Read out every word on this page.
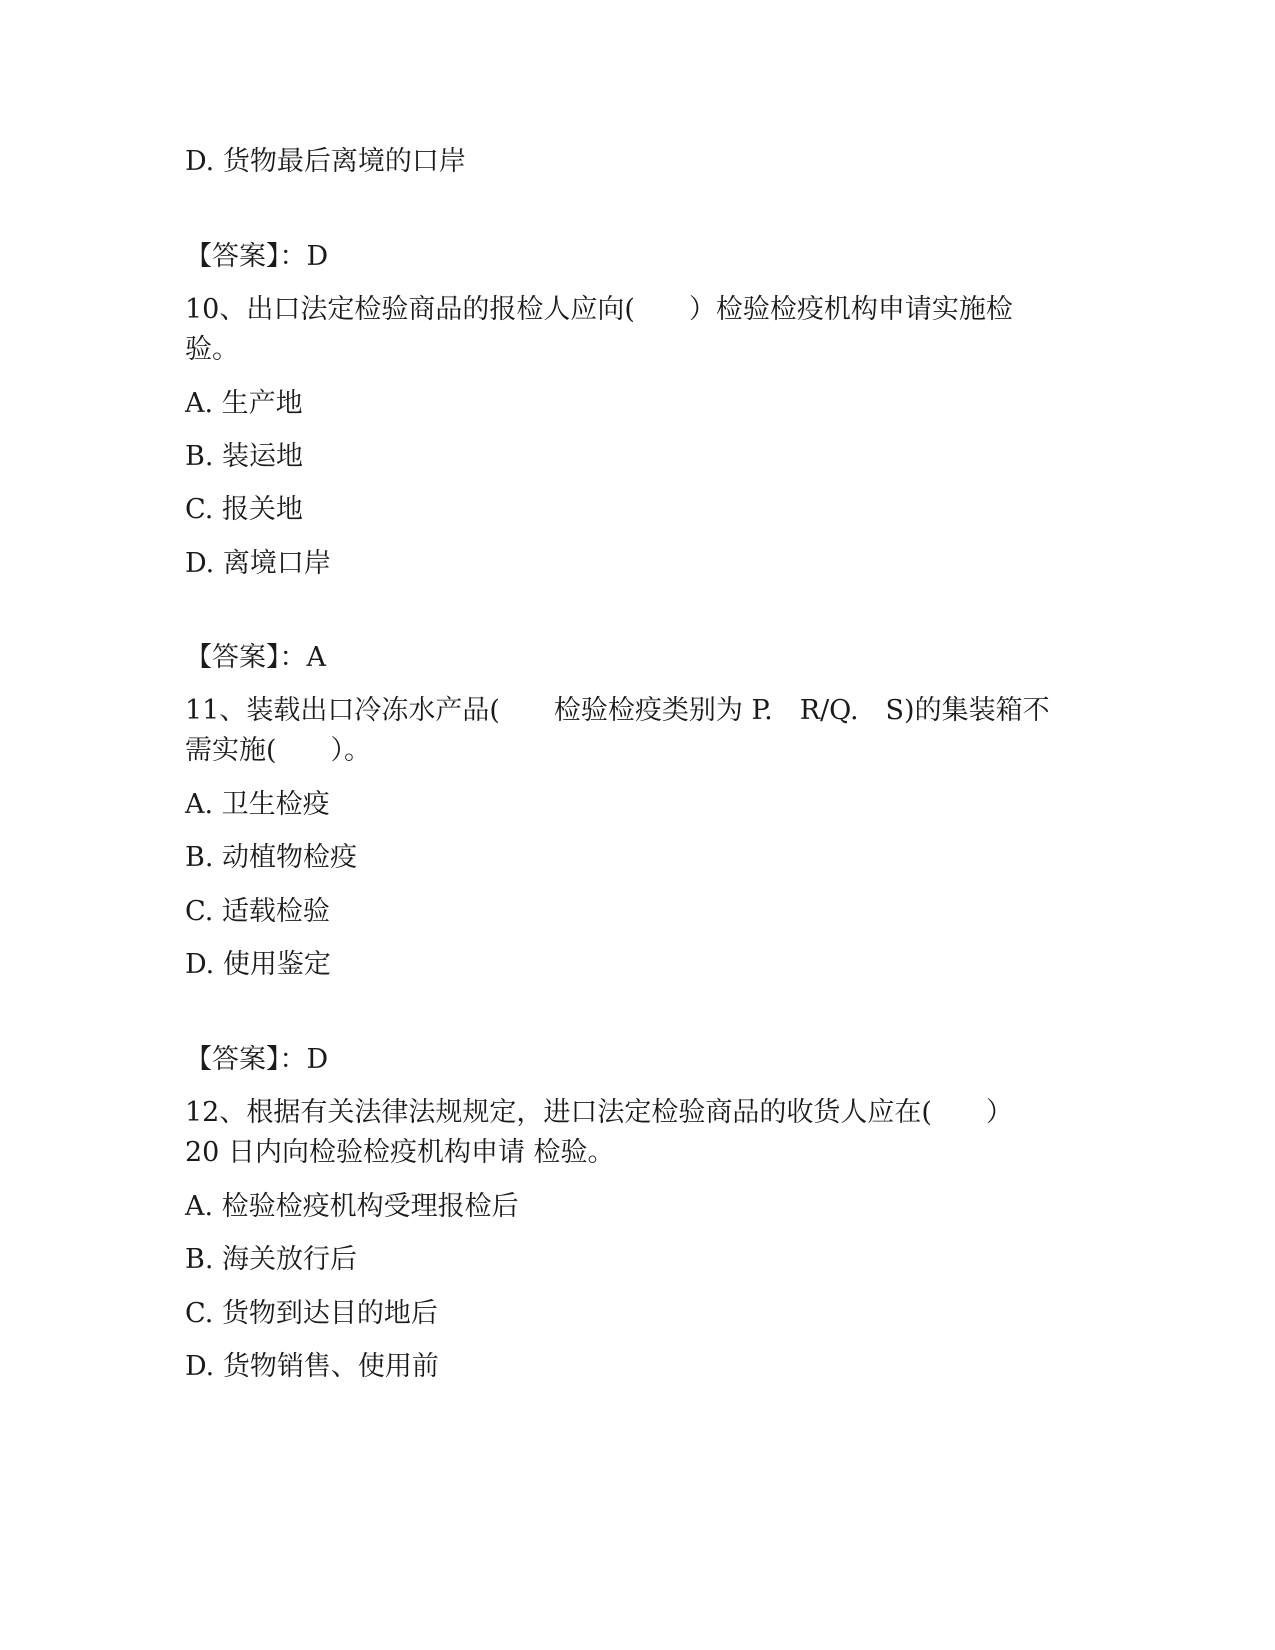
D. 货物最后离境的口岸
【答案】：D
10、出口法定检验商品的报检人应向(　　）检验检疫机构申请实施检
验。
A. 生产地
B. 装运地
C. 报关地
D. 离境口岸
【答案】：A
11、装载出口冷冻水产品(　　检验检疫类别为 P.　R/Q.　S)的集装箱不
需实施(　　）。
A. 卫生检疫
B. 动植物检疫
C. 适载检验
D. 使用鉴定
【答案】：D
12、根据有关法律法规规定，进口法定检验商品的收货人应在(　　）
20 日内向检验检疫机构申请 检验。
A. 检验检疫机构受理报检后
B. 海关放行后
C. 货物到达目的地后
D. 货物销售、使用前
